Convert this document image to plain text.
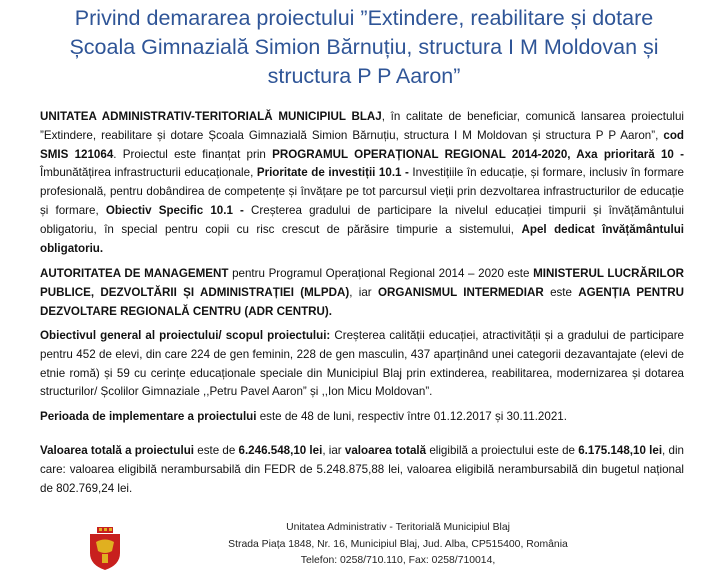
Privind demararea proiectului ”Extindere, reabilitare și dotare
Școala Gimnazială Simion Bărnuțiu, structura I M Moldovan și
structura P P Aaron”

UNITATEA ADMINISTRATIV-TERITORIALĂ MUNICIPIUL BLAJ, în calitate de beneficiar, comunică lansarea proiectului ”Extindere, reabilitare și dotare Școala Gimnazială Simion Bărnuțiu, structura I M Moldovan și structura P P Aaron”, cod SMIS 121064. Proiectul este finanțat prin PROGRAMUL OPERAȚIONAL REGIONAL 2014-2020, Axa prioritară 10 - Îmbunătățirea infrastructurii educaționale, Prioritate de investiții 10.1 - Investițiile în educație, și formare, inclusiv în formare profesională, pentru dobândirea de competențe și învățare pe tot parcursul vieții prin dezvoltarea infrastructurilor de educație și formare, Obiectiv Specific 10.1 - Creșterea gradului de participare la nivelul educației timpurii și învățământului obligatoriu, în special pentru copii cu risc crescut de părăsire timpurie a sistemului, Apel dedicat învățământului obligatoriu.

AUTORITATEA DE MANAGEMENT pentru Programul Operațional Regional 2014 – 2020 este MINISTERUL LUCRĂRILOR PUBLICE, DEZVOLTĂRII ȘI ADMINISTRAȚIEI (MLPDA), iar ORGANISMUL INTERMEDIAR este AGENȚIA PENTRU DEZVOLTARE REGIONALĂ CENTRU (ADR CENTRU).

Obiectivul general al proiectului/ scopul proiectului: Creșterea calității educației, atractivității și a gradului de participare pentru 452 de elevi, din care 224 de gen feminin, 228 de gen masculin, 437 aparținând unei categorii dezavantajate (elevi de etnie romă) și 59 cu cerințe educaționale speciale din Municipiul Blaj prin extinderea, reabilitarea, modernizarea și dotarea structurilor/ Școlilor Gimnaziale ,,Petru Pavel Aaron” și ,,Ion Micu Moldovan”.

Perioada de implementare a proiectului este de 48 de luni, respectiv între 01.12.2017 și 30.11.2021.

Valoarea totală a proiectului este de 6.246.548,10 lei, iar valoarea totală eligibilă a proiectului este de 6.175.148,10 lei, din care: valoarea eligibilă nerambursabilă din FEDR de 5.248.875,88 lei, valoarea eligibilă nerambursabilă din bugetul național de 802.769,24 lei.

Unitatea Administrativ - Teritorială Municipiul Blaj
Strada Piața 1848, Nr. 16, Municipiul Blaj, Jud. Alba, CP515400, România
Telefon: 0258/710.110, Fax: 0258/710014,
